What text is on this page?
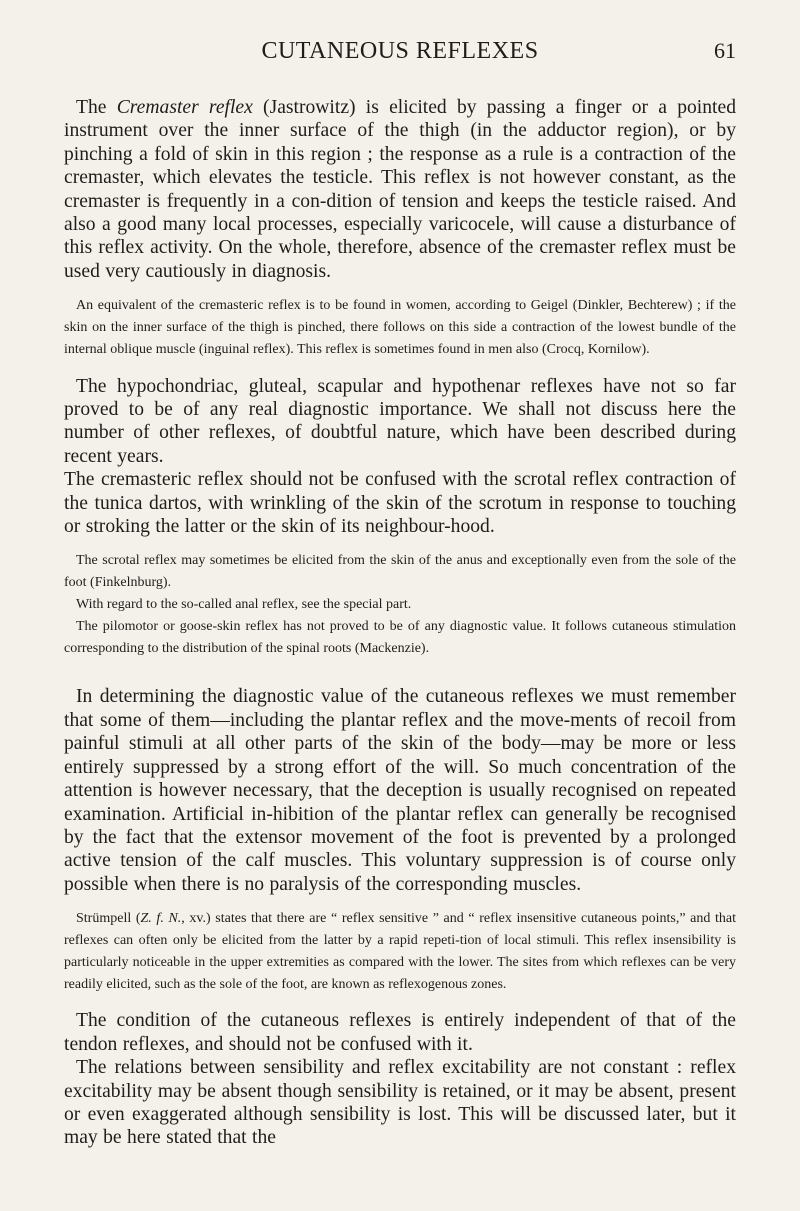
CUTANEOUS REFLEXES	61

The Cremaster reflex (Jastrowitz) is elicited by passing a finger or a pointed instrument over the inner surface of the thigh (in the adductor region), or by pinching a fold of skin in this region ; the response as a rule is a contraction of the cremaster, which elevates the testicle. This reflex is not however constant, as the cremaster is frequently in a con-dition of tension and keeps the testicle raised. And also a good many local processes, especially varicocele, will cause a disturbance of this reflex activity. On the whole, therefore, absence of the cremaster reflex must be used very cautiously in diagnosis.

An equivalent of the cremasteric reflex is to be found in women, according to Geigel (Dinkler, Bechterew) ; if the skin on the inner surface of the thigh is pinched, there follows on this side a contraction of the lowest bundle of the internal oblique muscle (inguinal reflex). This reflex is sometimes found in men also (Crocq, Kornilow).

The hypochondriac, gluteal, scapular and hypothenar reflexes have not so far proved to be of any real diagnostic importance. We shall not discuss here the number of other reflexes, of doubtful nature, which have been described during recent years.

The cremasteric reflex should not be confused with the scrotal reflex contraction of the tunica dartos, with wrinkling of the skin of the scrotum in response to touching or stroking the latter or the skin of its neighbour-hood.

The scrotal reflex may sometimes be elicited from the skin of the anus and exceptionally even from the sole of the foot (Finkelnburg).

With regard to the so-called anal reflex, see the special part.

The pilomotor or goose-skin reflex has not proved to be of any diagnostic value. It follows cutaneous stimulation corresponding to the distribution of the spinal roots (Mackenzie).

In determining the diagnostic value of the cutaneous reflexes we must remember that some of them—including the plantar reflex and the move-ments of recoil from painful stimuli at all other parts of the skin of the body—may be more or less entirely suppressed by a strong effort of the will. So much concentration of the attention is however necessary, that the deception is usually recognised on repeated examination. Artificial in-hibition of the plantar reflex can generally be recognised by the fact that the extensor movement of the foot is prevented by a prolonged active tension of the calf muscles. This voluntary suppression is of course only possible when there is no paralysis of the corresponding muscles.

Strümpell (Z. f. N., xv.) states that there are “ reflex sensitive ” and “ reflex insensitive cutaneous points,” and that reflexes can often only be elicited from the latter by a rapid repeti-tion of local stimuli. This reflex insensibility is particularly noticeable in the upper extremities as compared with the lower. The sites from which reflexes can be very readily elicited, such as the sole of the foot, are known as reflexogenous zones.

The condition of the cutaneous reflexes is entirely independent of that of the tendon reflexes, and should not be confused with it.

The relations between sensibility and reflex excitability are not constant : reflex excitability may be absent though sensibility is retained, or it may be absent, present or even exaggerated although sensibility is lost. This will be discussed later, but it may be here stated that the
